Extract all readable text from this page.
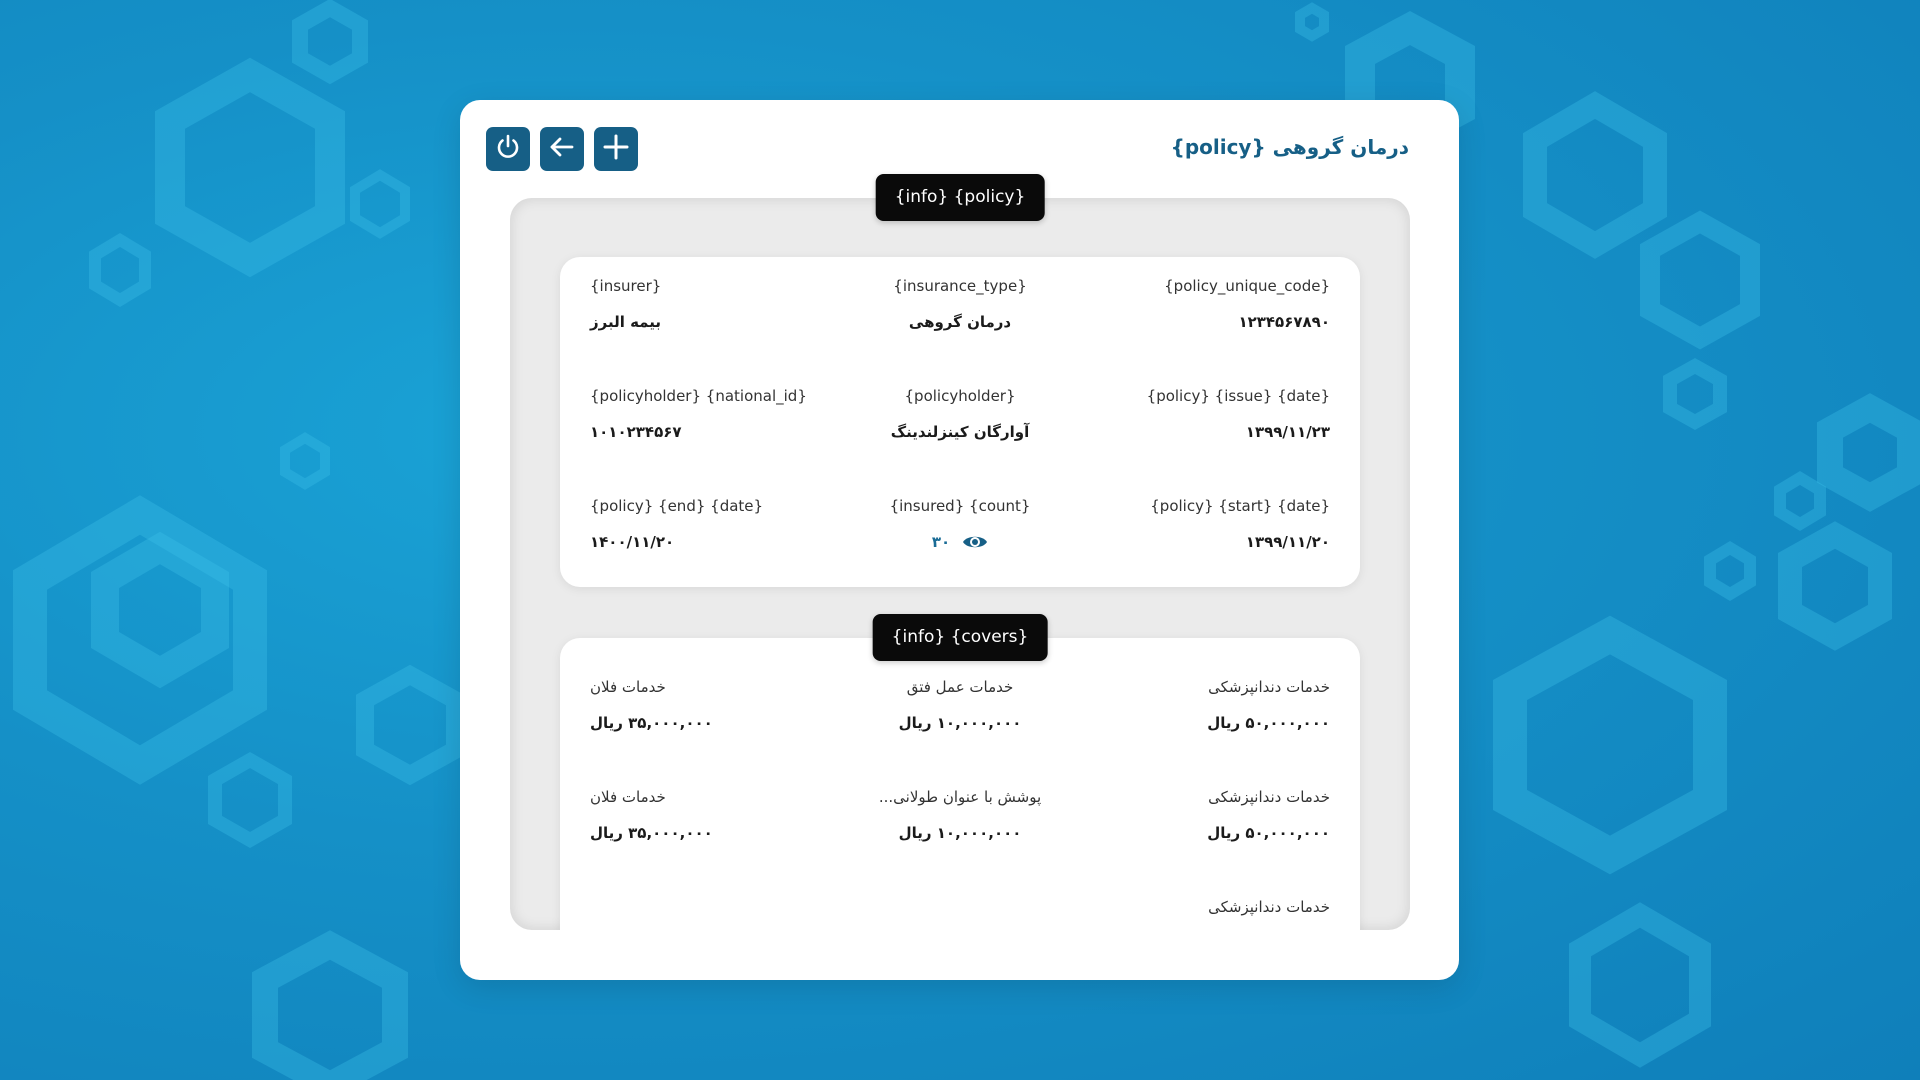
درمان گروهی {policy}
{policy_unique_code}
۱۲۳۴۵۶۷۸۹۰
{insurance_type}
درمان گروهی
{insurer}
بیمه البرز
{date} {issue} {policy}
۱۳۹۹/۱۱/۲۳
{policyholder}
آوارگان کینزلندینگ
{national_id} {policyholder}
۱۰۱۰۲۳۴۵۶۷
{date} {start} {policy}
۱۳۹۹/۱۱/۲۰
{count} {insured}
۳۰
{date} {end} {policy}
۱۴۰۰/۱۱/۲۰
خدمات دندانپزشکی
۵۰,۰۰۰,۰۰۰ ریال
خدمات عمل فتق
۱۰,۰۰۰,۰۰۰ ریال
خدمات فلان
۳۵,۰۰۰,۰۰۰ ریال
خدمات دندانپزشکی
۵۰,۰۰۰,۰۰۰ ریال
پوشش با عنوان طولانی...
۱۰,۰۰۰,۰۰۰ ریال
خدمات فلان
۳۵,۰۰۰,۰۰۰ ریال
خدمات دندانپزشکی
{info} {policy}
{info} {covers}
